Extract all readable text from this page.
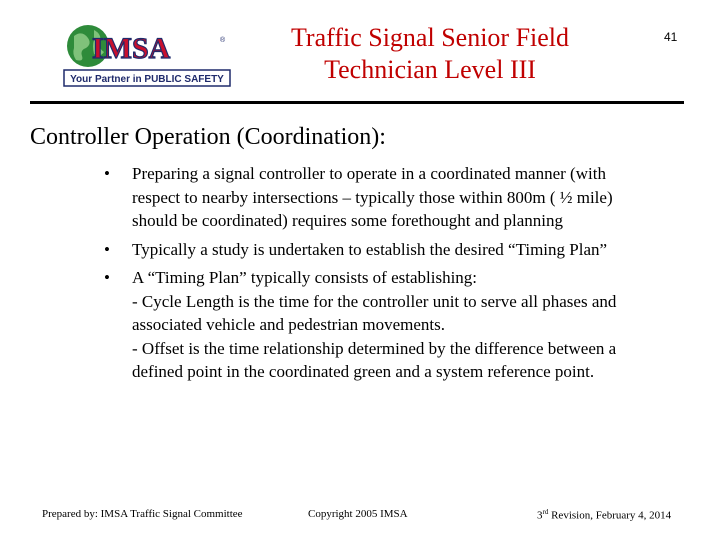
IMSA	®
Your Partner in PUBLIC SAFETY
Traffic Signal Senior Field
Technician Level III
41
Controller Operation (Coordination):
• Preparing a signal controller to operate in a coordinated manner (with respect to nearby intersections – typically those within 800m ( ½ mile) should be coordinated) requires some forethought and planning
• Typically a study is undertaken to establish the desired “Timing Plan”
• A “Timing Plan” typically consists of establishing:
- Cycle Length is the time for the controller unit to serve all phases and associated vehicle and pedestrian movements.
- Offset is the time relationship determined by the difference between a defined point in the coordinated green and a system reference point.
Prepared by: IMSA Traffic Signal Committee	Copyright 2005 IMSA	3rd Revision, February 4, 2014
